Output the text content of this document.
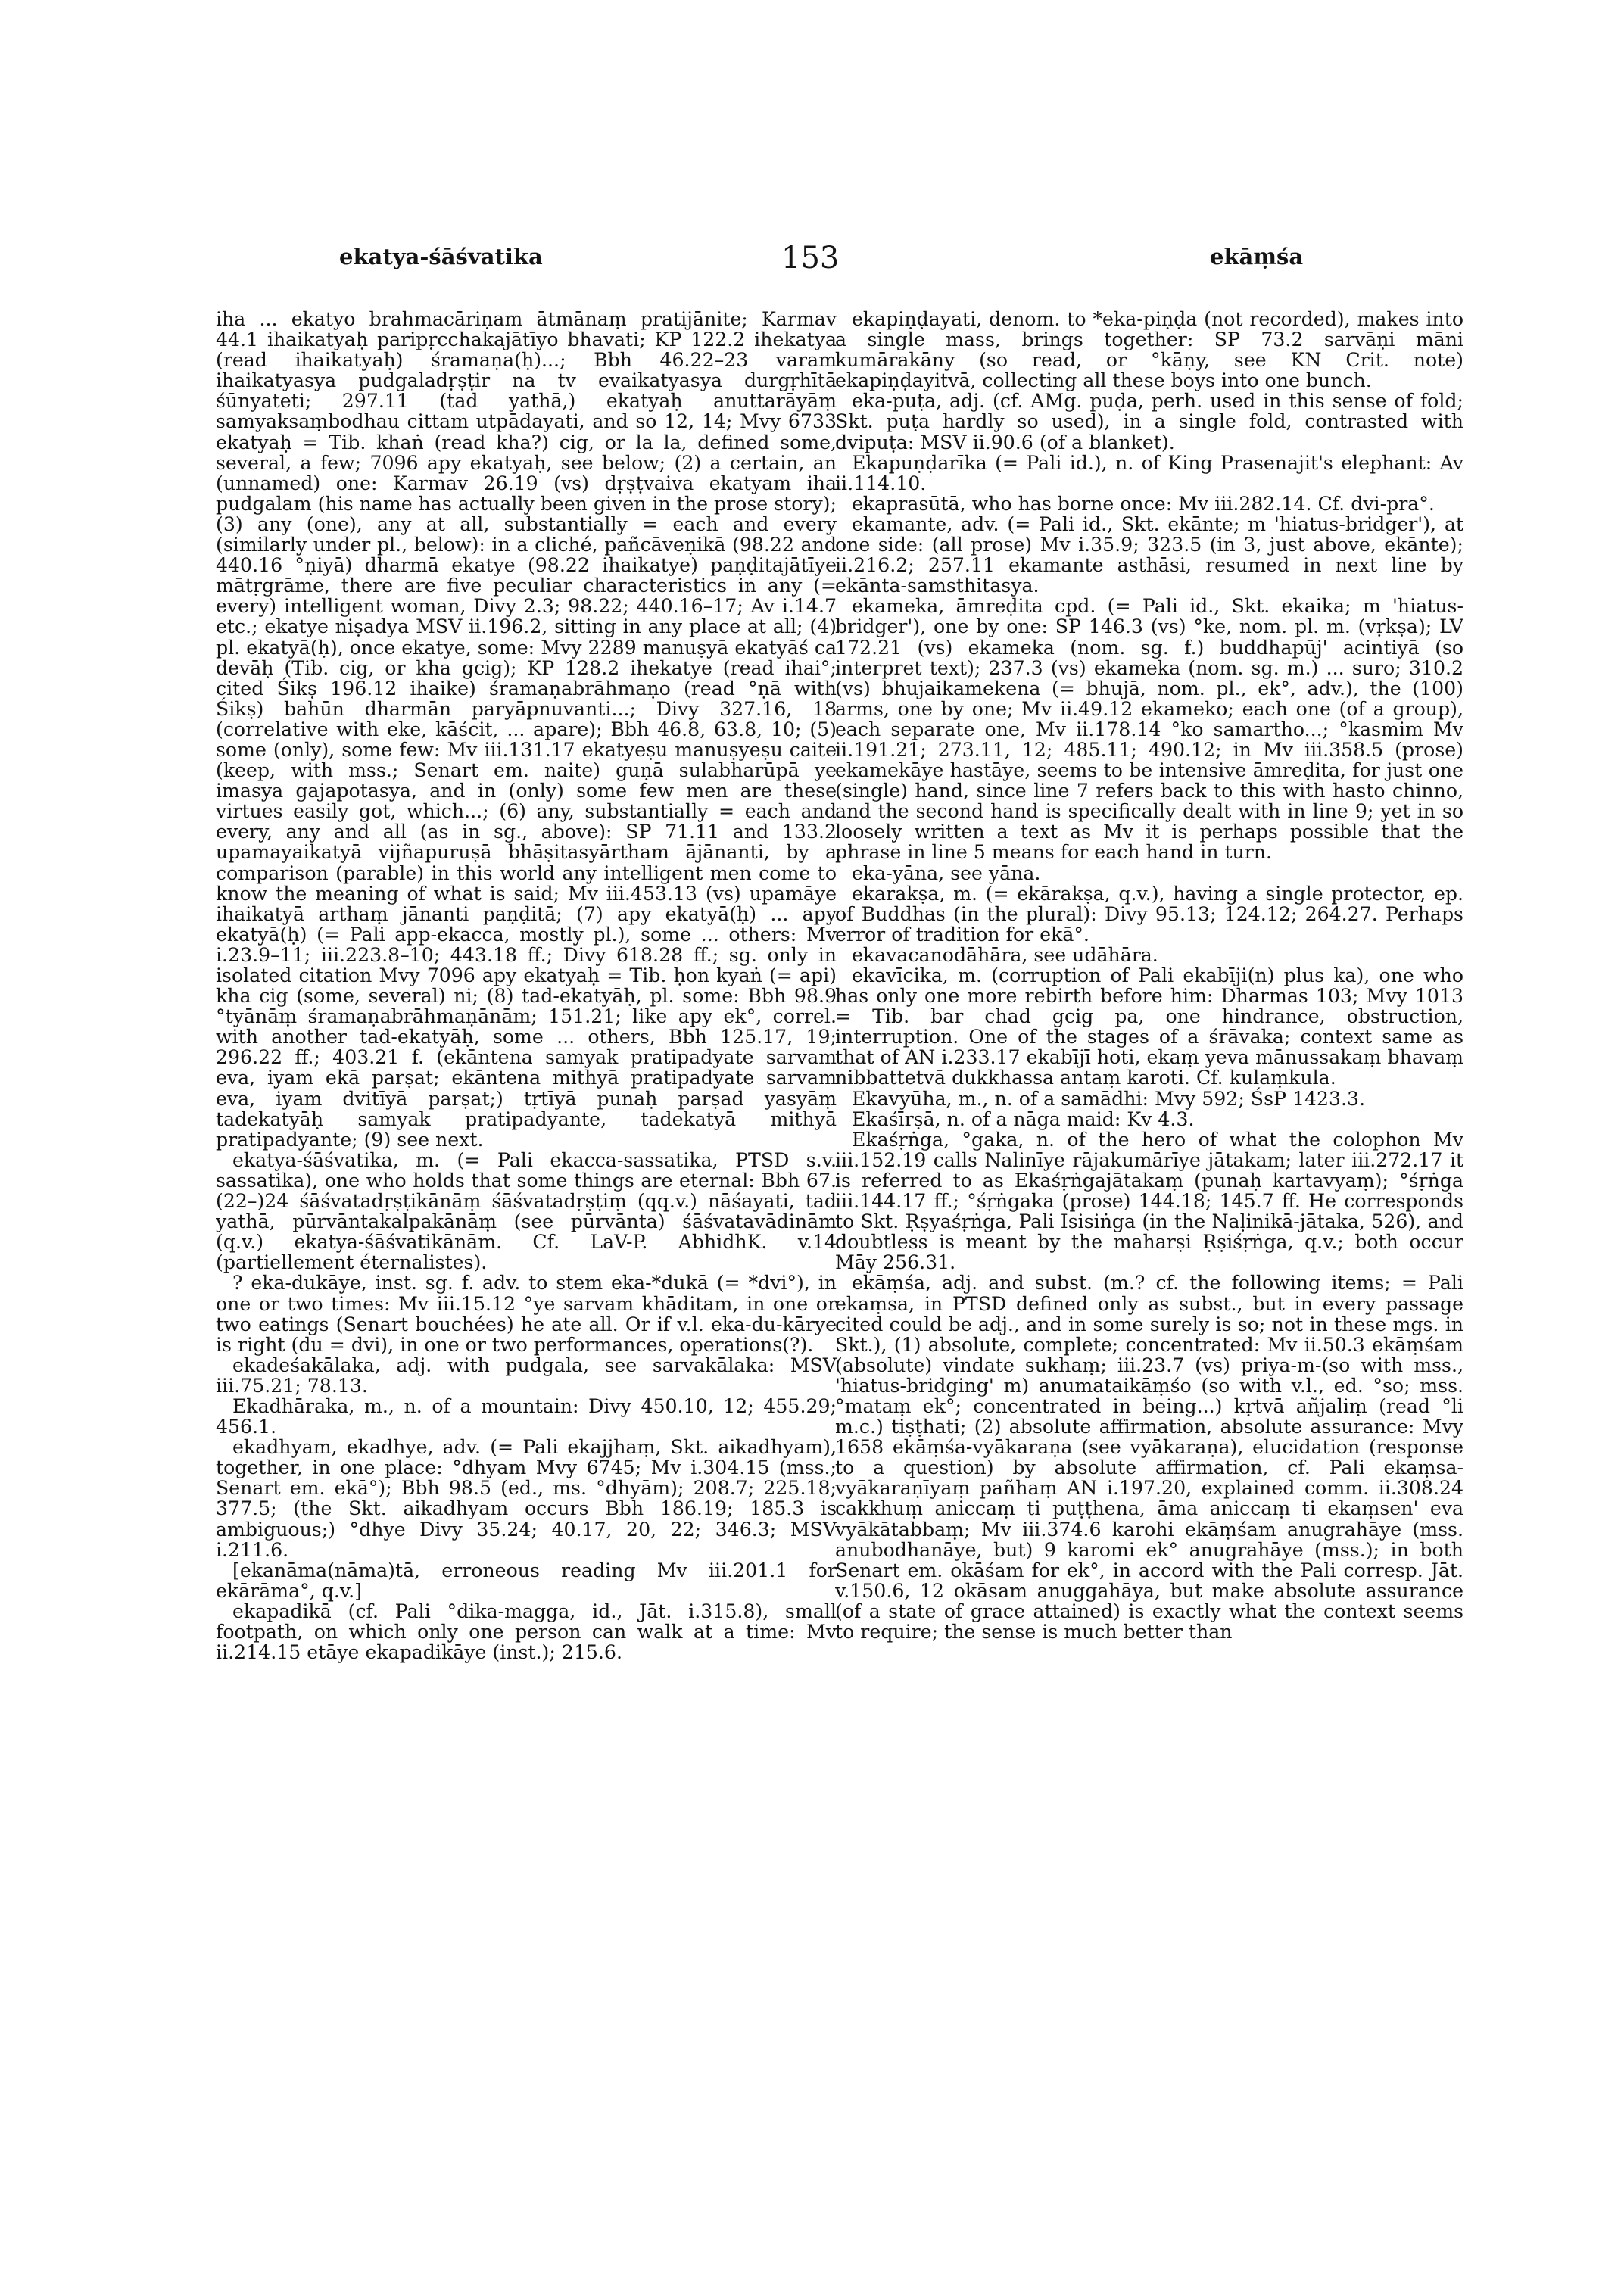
ekatya-śāśvatika	153	ekāṃśa

iha ... ekatyo brahmacāriṇam ātmānaṃ pratijānite; Karmav 44.1 ihaikatyaḥ paripṛcchakajātīyo bhavati; KP 122.2 ihekatya (read ihaikatyaḥ) śramaṇa(ḥ)...; Bbh 46.22–23 varam ihaikatyasya pudgaladṛṣṭir na tv evaikatyasya durgṛhītā śūnyateti; 297.11 (tad yathā,) ekatyaḥ anuttarāyāṃ samyaksaṃbodhau cittam utpādayati, and so 12, 14; Mvy 6733 ekatyaḥ = Tib. khaṅ (read kha?) cig, or la la, defined some, several, a few; 7096 apy ekatyaḥ, see below; (2) a certain, an (unnamed) one: Karmav 26.19 (vs) dṛṣṭvaiva ekatyam iha pudgalam (his name has actually been given in the prose story); (3) any (one), any at all, substantially = each and every (similarly under pl., below): in a cliché, pañcāveṇikā (98.22 and 440.16 °ṇiyā) dharmā ekatye (98.22 ihaikatye) paṇḍitajātīye mātṛgrāme, there are five peculiar characteristics in any (= every) intelligent woman, Divy 2.3; 98.22; 440.16–17; Av i.14.7 etc.; ekatye niṣadya MSV ii.196.2, sitting in any place at all; (4) pl. ekatyā(ḥ), once ekatye, some: Mvy 2289 manuṣyā ekatyāś ca devāḥ (Tib. cig, or kha gcig); KP 128.2 ihekatye (read ihai°; cited Śikṣ 196.12 ihaike) śramaṇabrāhmaṇo (read °ṇā with Śikṣ) bahūn dharmān paryāpnuvanti...; Divy 327.16, 18 (correlative with eke, kāścit, ... apare); Bbh 46.8, 63.8, 10; (5) some (only), some few: Mv iii.131.17 ekatyeṣu manuṣyeṣu caite (keep, with mss.; Senart em. naite) guṇā sulabharūpā ye imasya gajapotasya, and in (only) some few men are these virtues easily got, which...; (6) any, substantially = each and every, any and all (as in sg., above): SP 71.11 and 133.2 upamayaikatyā vijñapuruṣā bhāṣitasyārtham ājānanti, by a comparison (parable) in this world any intelligent men come to know the meaning of what is said; Mv iii.453.13 (vs) upamāye ihaikatyā arthaṃ jānanti paṇḍitā; (7) apy ekatyā(ḥ) ... apy ekatyā(ḥ) (= Pali app-ekacca, mostly pl.), some ... others: Mv i.23.9–11; iii.223.8–10; 443.18 ff.; Divy 618.28 ff.; sg. only in isolated citation Mvy 7096 apy ekatyaḥ = Tib. ḥon kyaṅ (= api) kha cig (some, several) ni; (8) tad-ekatyāḥ, pl. some: Bbh 98.9 °tyānāṃ śramaṇabrāhmaṇānām; 151.21; like apy ek°, correl. with another tad-ekatyāḥ, some ... others, Bbh 125.17, 19; 296.22 ff.; 403.21 f. (ekāntena samyak pratipadyate sarvam eva, iyam ekā parṣat; ekāntena mithyā pratipadyate sarvam eva, iyam dvitīyā parṣat;) tṛtīyā punaḥ parṣad yasyāṃ tadekatyāḥ samyak pratipadyante, tadekatyā mithyā pratipadyante; (9) see next.

ekatya-śāśvatika, m. (= Pali ekacca-sassatika, PTSD s.v. sassatika), one who holds that some things are eternal: Bbh 67.(22–)24 śāśvatadṛṣṭikānāṃ śāśvatadṛṣṭiṃ (qq.v.) nāśayati, tad yathā, pūrvāntakalpakānāṃ (see pūrvānta) śāśvatavādinām (q.v.) ekatya-śāśvatikānām. Cf. LaV-P. AbhidhK. v.14 (partiellement éternalistes).

? eka-dukāye, inst. sg. f. adv. to stem eka-*dukā (= *dvi°), in one or two times: Mv iii.15.12 °ye sarvam khāditam, in one or two eatings (Senart bouchées) he ate all. Or if v.l. eka-du-kārye is right (du = dvi), in one or two performances, operations(?).

ekadeśakālaka, adj. with pudgala, see sarvakālaka: MSV iii.75.21; 78.13.

Ekadhāraka, m., n. of a mountain: Divy 450.10, 12; 455.29; 456.1.

ekadhyam, ekadhye, adv. (= Pali ekajjhaṃ, Skt. aikadhyam), together, in one place: °dhyam Mvy 6745; Mv i.304.15 (mss.; Senart em. ekā°); Bbh 98.5 (ed., ms. °dhyām); 208.7; 225.18; 377.5; (the Skt. aikadhyam occurs Bbh 186.19; 185.3 is ambiguous;) °dhye Divy 35.24; 40.17, 20, 22; 346.3; MSV i.211.6.

[ekanāma(nāma)tā, erroneous reading Mv iii.201.1 for ekārāma°, q.v.]

ekapadikā (cf. Pali °dika-magga, id., Jāt. i.315.8), small footpath, on which only one person can walk at a time: Mv ii.214.15 etāye ekapadikāye (inst.); 215.6.

ekapiṇḍayati, denom. to *eka-piṇḍa (not recorded), makes into a single mass, brings together: SP 73.2 sarvāṇi māni kumārakāny (so read, or °kāṇy, see KN Crit. note) ekapiṇḍayitvā, collecting all these boys into one bunch.

eka-puṭa, adj. (cf. AMg. puḍa, perh. used in this sense of fold; Skt. puṭa hardly so used), in a single fold, contrasted with dvipuṭa: MSV ii.90.6 (of a blanket).

Ekapuṇḍarīka (= Pali id.), n. of King Prasenajit's elephant: Av ii.114.10.

ekaprasūtā, who has borne once: Mv iii.282.14. Cf. dvi-pra°.

ekamante, adv. (= Pali id., Skt. ekānte; m 'hiatus-bridger'), at one side: (all prose) Mv i.35.9; 323.5 (in 3, just above, ekānte); ii.216.2; 257.11 ekamante asthāsi, resumed in next line by ekānta-samsthitasya.

ekameka, āmreḍita cpd. (= Pali id., Skt. ekaika; m 'hiatus-bridger'), one by one: SP 146.3 (vs) °ke, nom. pl. m. (vṛkṣa); LV 172.21 (vs) ekameka (nom. sg. f.) buddhapūj' acintiyā (so interpret text); 237.3 (vs) ekameka (nom. sg. m.) ... suro; 310.2 (vs) bhujaikamekena (= bhujā, nom. pl., ek°, adv.), the (100) arms, one by one; Mv ii.49.12 ekameko; each one (of a group), each separate one, Mv ii.178.14 °ko samartho...; °kasmim Mv ii.191.21; 273.11, 12; 485.11; 490.12; in Mv iii.358.5 (prose) ekamekāye hastāye, seems to be intensive āmreḍita, for just one (single) hand, since line 7 refers back to this with hasto chinno, and the second hand is specifically dealt with in line 9; yet in so loosely written a text as Mv it is perhaps possible that the phrase in line 5 means for each hand in turn.

eka-yāna, see yāna.

ekarakṣa, m. (= ekārakṣa, q.v.), having a single protector, ep. of Buddhas (in the plural): Divy 95.13; 124.12; 264.27. Perhaps error of tradition for ekā°.

ekavacanodāhāra, see udāhāra.

ekavīcika, m. (corruption of Pali ekabīji(n) plus ka), one who has only one more rebirth before him: Dharmas 103; Mvy 1013 = Tib. bar chad gcig pa, one hindrance, obstruction, interruption. One of the stages of a śrāvaka; context same as that of AN i.233.17 ekabījī hoti, ekaṃ yeva mānussakaṃ bhavaṃ nibbattetvā dukkhassa antaṃ karoti. Cf. kulaṃkula.

Ekavyūha, m., n. of a samādhi: Mvy 592; ŚsP 1423.3.

Ekaśīrṣā, n. of a nāga maid: Kv 4.3.

Ekaśṛṅga, °gaka, n. of the hero of what the colophon Mv iii.152.19 calls Nalinīye rājakumārīye jātakam; later iii.272.17 it is referred to as Ekaśṛṅgajātakaṃ (punaḥ kartavyaṃ); °śṛṅga iii.144.17 ff.; °śṛṅgaka (prose) 144.18; 145.7 ff. He corresponds to Skt. Ṛṣyaśṛṅga, Pali Isisiṅga (in the Naḷinikā-jātaka, 526), and doubtless is meant by the maharṣi Ṛṣiśṛṅga, q.v.; both occur Māy 256.31.

ekāṃśa, adj. and subst. (m.? cf. the following items; = Pali ekaṃsa, in PTSD defined only as subst., but in every passage cited could be adj., and in some surely is so; not in these mgs. in Skt.), (1) absolute, complete; concentrated: Mv ii.50.3 ekāṃśam (absolute) vindate sukhaṃ; iii.23.7 (vs) priya-m-(so with mss., 'hiatus-bridging' m) anumataikāṃśo (so with v.l., ed. °so; mss. °mataṃ ek°; concentrated in being...) kṛtvā añjaliṃ (read °li m.c.) tiṣṭhati; (2) absolute affirmation, absolute assurance: Mvy 1658 ekāṃśa-vyākaraṇa (see vyākaraṇa), elucidation (response to a question) by absolute affirmation, cf. Pali ekaṃsa-vyākaraṇīyaṃ pañhaṃ AN i.197.20, explained comm. ii.308.24 cakkhuṃ aniccaṃ ti puṭṭhena, āma aniccaṃ ti ekaṃsen' eva vyākātabbaṃ; Mv iii.374.6 karohi ekāṃśam anugrahāye (mss. anubodhanāye, but) 9 karomi ek° anugrahāye (mss.); in both Senart em. okāśam for ek°, in accord with the Pali corresp. Jāt. v.150.6, 12 okāsam anuggahāya, but make absolute assurance (of a state of grace attained) is exactly what the context seems to require; the sense is much better than
